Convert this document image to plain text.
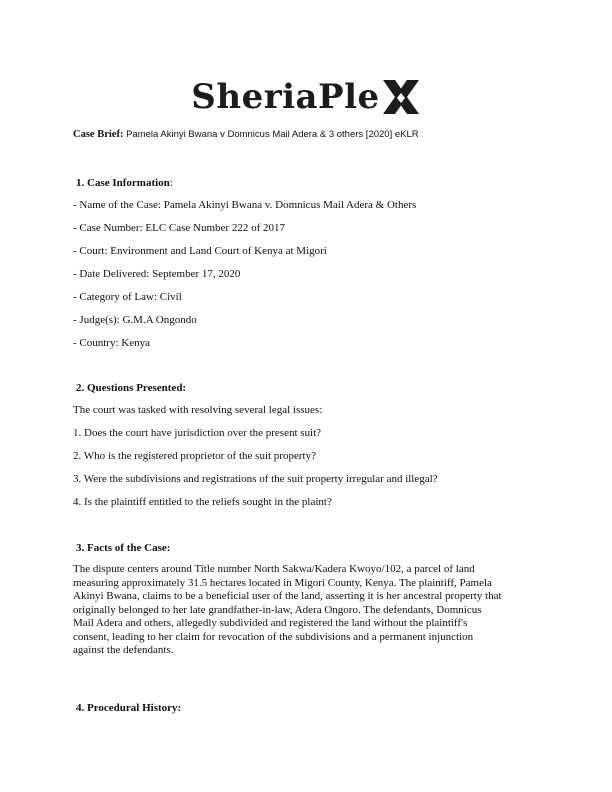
SheriaPle
Case Brief: Pamela Akinyi Bwana v Domnicus Mail Adera & 3 others [2020] eKLR
1. Case Information:
- Name of the Case: Pamela Akinyi Bwana v. Domnicus Mail Adera & Others
- Case Number: ELC Case Number 222 of 2017
- Court: Environment and Land Court of Kenya at Migori
- Date Delivered: September 17, 2020
- Category of Law: Civil
- Judge(s): G.M.A Ongondo
- Country: Kenya
2. Questions Presented:
The court was tasked with resolving several legal issues:
1. Does the court have jurisdiction over the present suit?
2. Who is the registered proprietor of the suit property?
3. Were the subdivisions and registrations of the suit property irregular and illegal?
4. Is the plaintiff entitled to the reliefs sought in the plaint?
3. Facts of the Case:
The dispute centers around Title number North Sakwa/Kadera Kwoyo/102, a parcel of land
measuring approximately 31.5 hectares located in Migori County, Kenya. The plaintiff, Pamela
Akinyi Bwana, claims to be a beneficial user of the land, asserting it is her ancestral property that
originally belonged to her late grandfather-in-law, Adera Ongoro. The defendants, Domnicus
Mail Adera and others, allegedly subdivided and registered the land without the plaintiff's
consent, leading to her claim for revocation of the subdivisions and a permanent injunction
against the defendants.
4. Procedural History:
